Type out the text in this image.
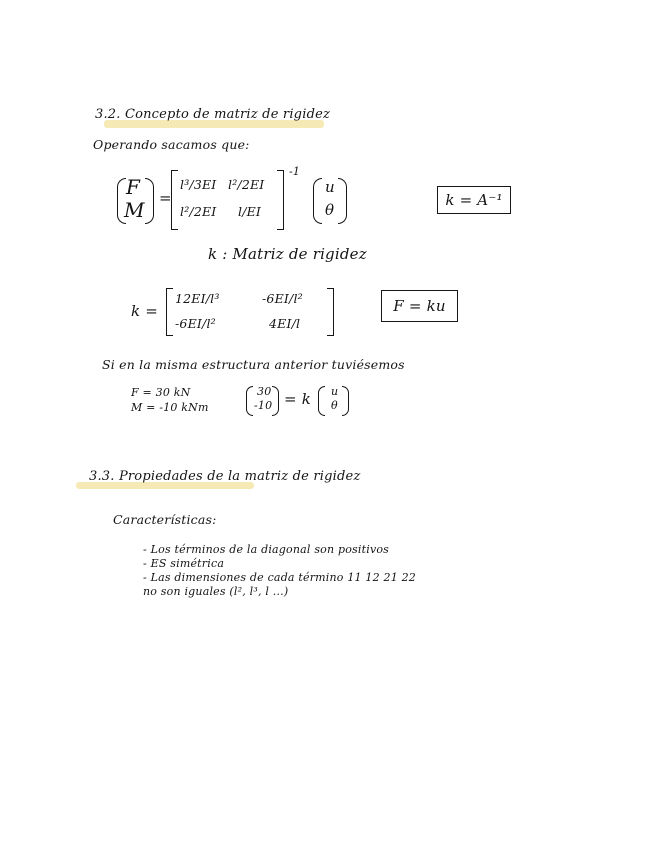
3.2. Concepto de matriz de rigidez
Operando sacamos que:
F
M =
l³/3EI l²/2EI
l²/2EI l/EI
-1
u
θ
k = A⁻¹
k : Matriz de rigidez
k =
12EI/l³	-6EI/l²
-6EI/l²	4EI/l
F = ku
Si en la misma estructura anterior tuviésemos
F = 30 kN
M = -10 kNm
30
-10 = k u
θ
3.3. Propiedades de la matriz de rigidez
Características:
- Los términos de la diagonal son positivos
- ES simétrica
- Las dimensiones de cada término 11 12 21 22
no son iguales (l², l³, l ...)
